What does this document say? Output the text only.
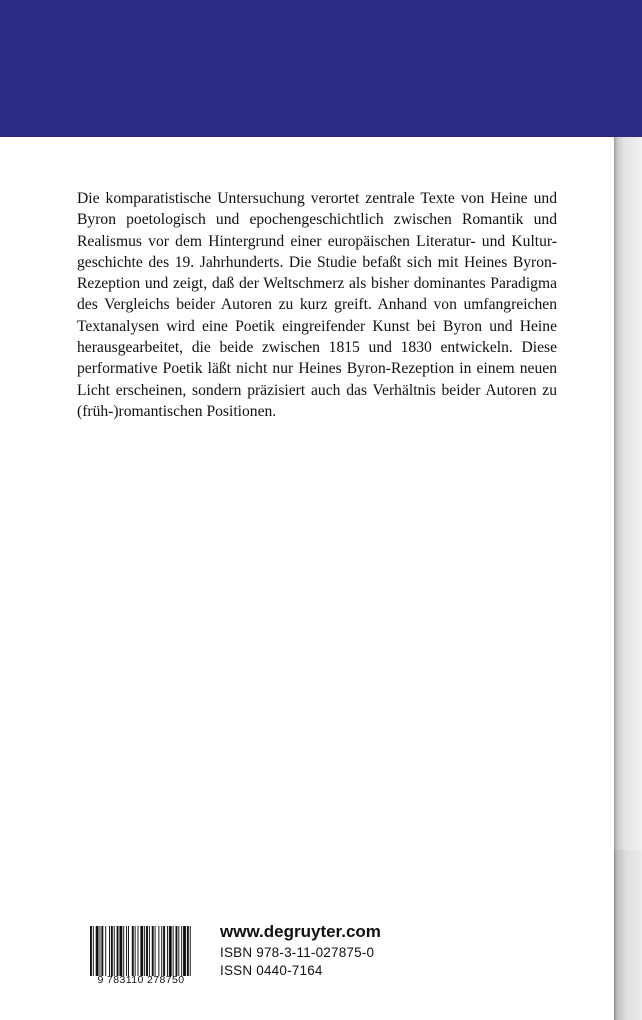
Die komparatistische Untersuchung verortet zentrale Texte von Heine und
Byron poetologisch und epochengeschichtlich zwischen Romantik und
Realismus vor dem Hintergrund einer europäischen Literatur- und Kultur-
geschichte des 19. Jahrhunderts. Die Studie befaßt sich mit Heines Byron-
Rezeption und zeigt, daß der Weltschmerz als bisher dominantes Paradigma
des Vergleichs beider Autoren zu kurz greift. Anhand von umfangreichen
Textanalysen wird eine Poetik eingreifender Kunst bei Byron und Heine
herausgearbeitet, die beide zwischen 1815 und 1830 entwickeln. Diese
performative Poetik läßt nicht nur Heines Byron-Rezeption in einem neuen
Licht erscheinen, sondern präzisiert auch das Verhältnis beider Autoren zu
(früh-)romantischen Positionen.

9 783110 278750
www.degruyter.com
ISBN 978-3-11-027875-0
ISSN 0440-7164
